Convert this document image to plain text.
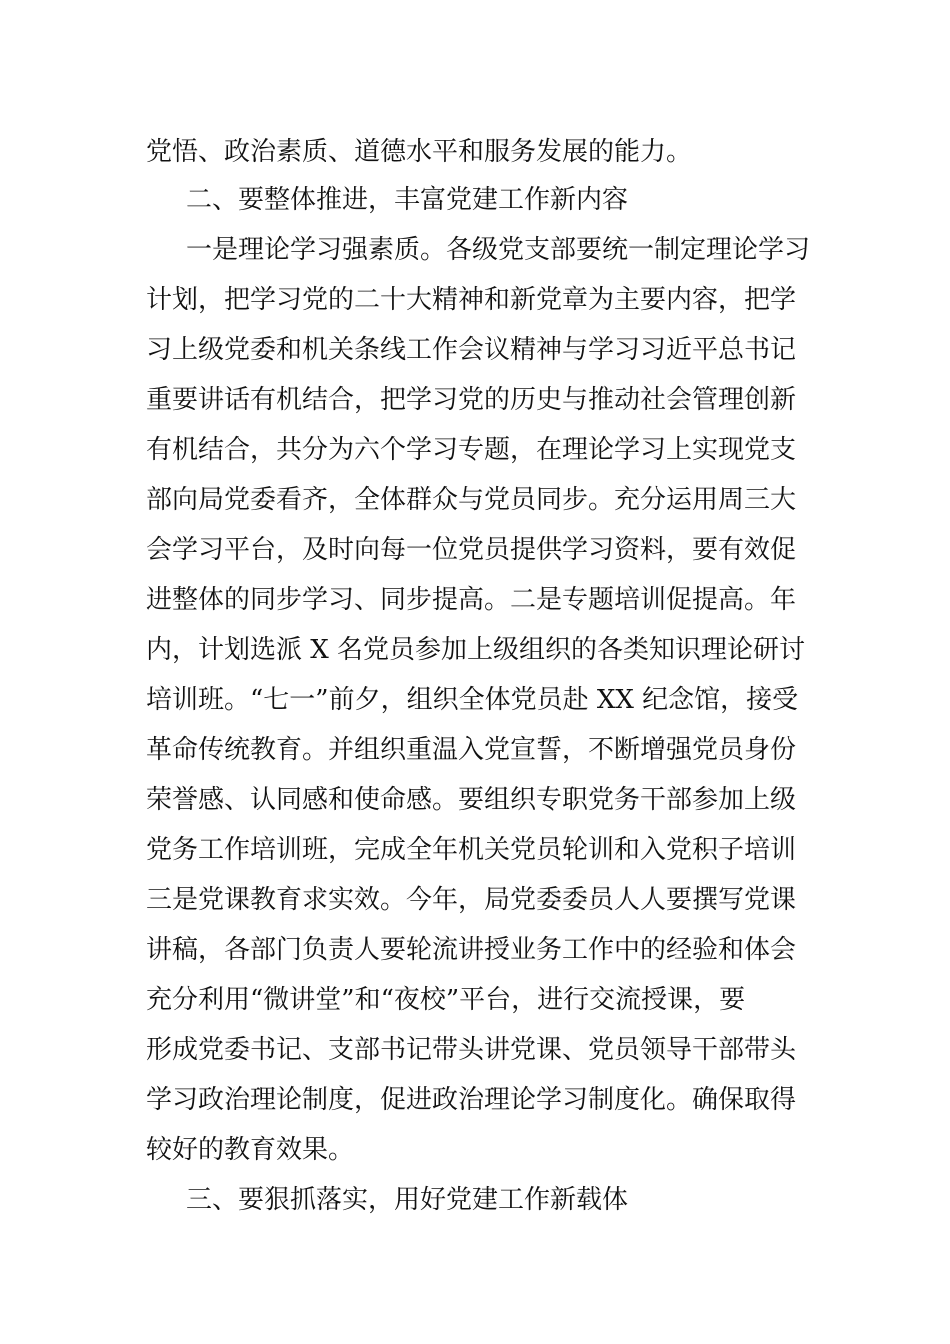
党悟、政治素质、道德水平和服务发展的能力。
二、要整体推进，丰富党建工作新内容
一是理论学习强素质。各级党支部要统一制定理论学习
计划，把学习党的二十大精神和新党章为主要内容，把学
习上级党委和机关条线工作会议精神与学习习近平总书记
重要讲话有机结合，把学习党的历史与推动社会管理创新
有机结合，共分为六个学习专题，在理论学习上实现党支
部向局党委看齐，全体群众与党员同步。充分运用周三大
会学习平台，及时向每一位党员提供学习资料，要有效促
进整体的同步学习、同步提高。二是专题培训促提高。年
内，计划选派 X 名党员参加上级组织的各类知识理论研讨
培训班。“七一”前夕，组织全体党员赴 XX 纪念馆，接受
革命传统教育。并组织重温入党宣誓，不断增强党员身份
荣誉感、认同感和使命感。要组织专职党务干部参加上级
党务工作培训班，完成全年机关党员轮训和入党积子培训
三是党课教育求实效。今年，局党委委员人人要撰写党课
讲稿，各部门负责人要轮流讲授业务工作中的经验和体会
充分利用“微讲堂”和“夜校”平台，进行交流授课，要
形成党委书记、支部书记带头讲党课、党员领导干部带头
学习政治理论制度，促进政治理论学习制度化。确保取得
较好的教育效果。
三、要狠抓落实，用好党建工作新载体
